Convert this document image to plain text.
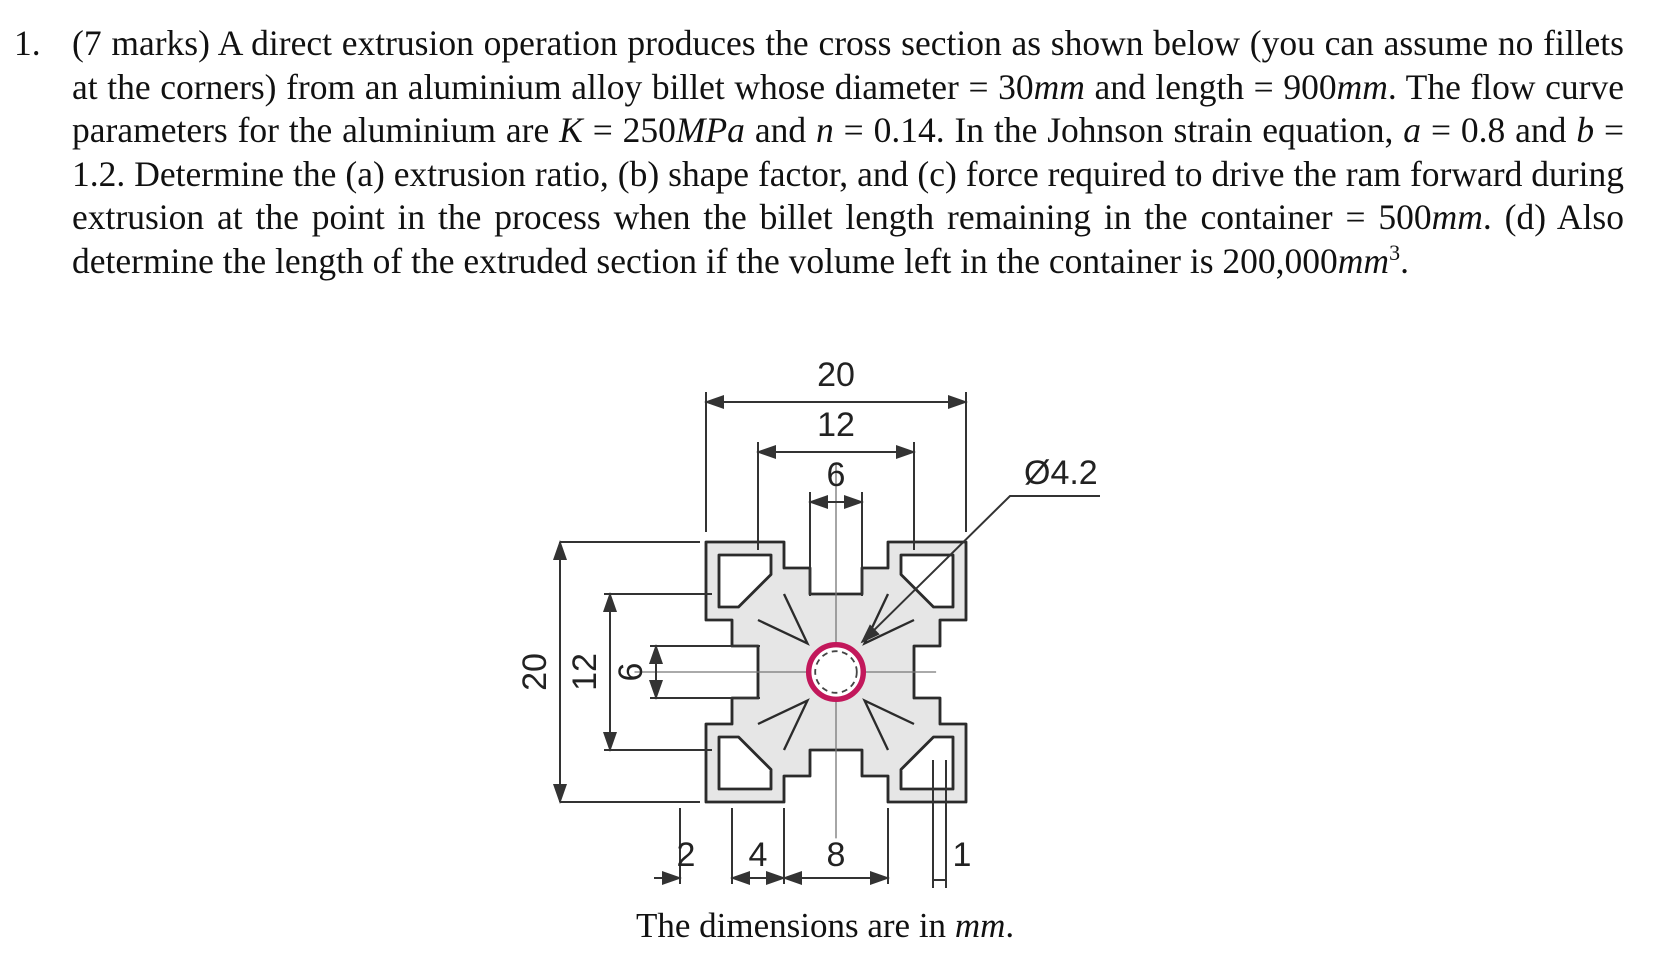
1. (7 marks) A direct extrusion operation produces the cross section as shown below (you can assume no fillets at the corners) from an aluminium alloy billet whose diameter = 30mm and length = 900mm. The flow curve parameters for the aluminium are K = 250MPa and n = 0.14. In the Johnson strain equation, a = 0.8 and b = 1.2. Determine the (a) extrusion ratio, (b) shape factor, and (c) force required to drive the ram forward during extrusion at the point in the process when the billet length remaining in the container = 500mm. (d) Also determine the length of the extruded section if the volume left in the container is $200,000mm^3$.
20
12
6
20 12 6
2 4 8	1
Ø4.2
The dimensions are in mm.
